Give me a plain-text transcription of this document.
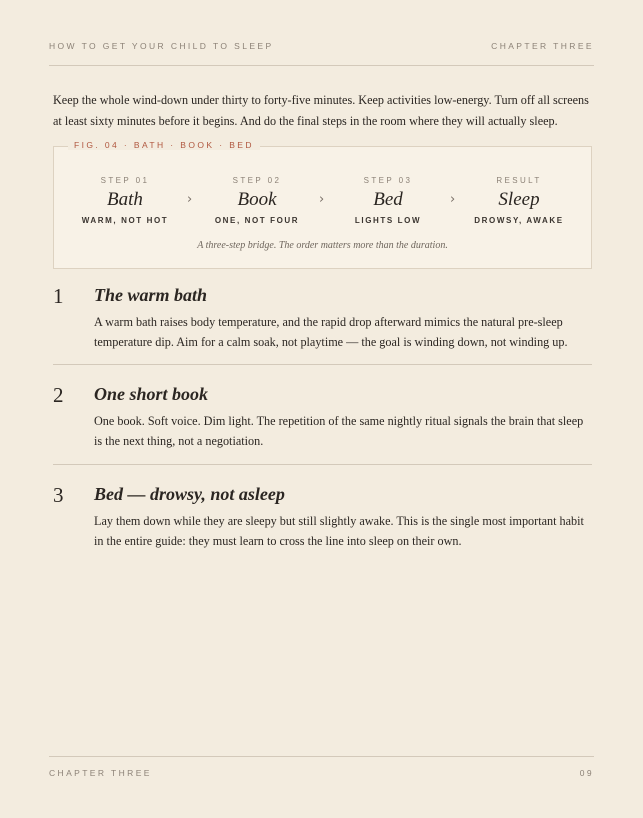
HOW TO GET YOUR CHILD TO SLEEP	CHAPTER THREE

Keep the whole wind-down under thirty to forty-five minutes. Keep activities low-energy. Turn off all screens at least sixty minutes before it begins. And do the final steps in the room where they will actually sleep.

FIG. 04 · BATH · BOOK · BED
STEP 01
Bath
WARM, NOT HOT
›
STEP 02
Book
ONE, NOT FOUR
›
STEP 03
Bed
LIGHTS LOW
›
RESULT
Sleep
DROWSY, AWAKE
A three-step bridge. The order matters more than the duration.
1 The warm bath

A warm bath raises body temperature, and the rapid drop afterward mimics the natural pre-sleep temperature dip. Aim for a calm soak, not playtime — the goal is winding down, not winding up.

2 One short book

One book. Soft voice. Dim light. The repetition of the same nightly ritual signals the brain that sleep is the next thing, not a negotiation.

3 Bed — drowsy, not asleep

Lay them down while they are sleepy but still slightly awake. This is the single most important habit in the entire guide: they must learn to cross the line into sleep on their own.

CHAPTER THREE	09
